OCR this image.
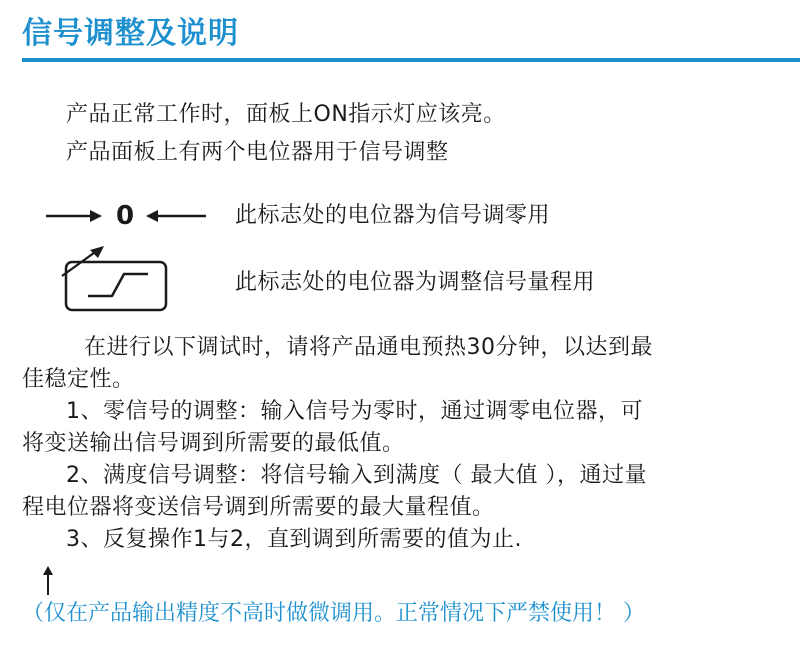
信号调整及说明
产品正常工作时，面板上ON指示灯应该亮。
产品面板上有两个电位器用于信号调整
0	此标志处的电位器为信号调零用
此标志处的电位器为调整信号量程用
在进行以下调试时，请将产品通电预热30分钟，以达到最
佳稳定性。
1、零信号的调整：输入信号为零时，通过调零电位器，可
将变送输出信号调到所需要的最低值。
2、满度信号调整：将信号输入到满度（ 最大值 ），通过量
程电位器将变送信号调到所需要的最大量程值。
3、反复操作1与2，直到调到所需要的值为止.
（仅在产品输出精度不高时做微调用。正常情况下严禁使用！ ）
